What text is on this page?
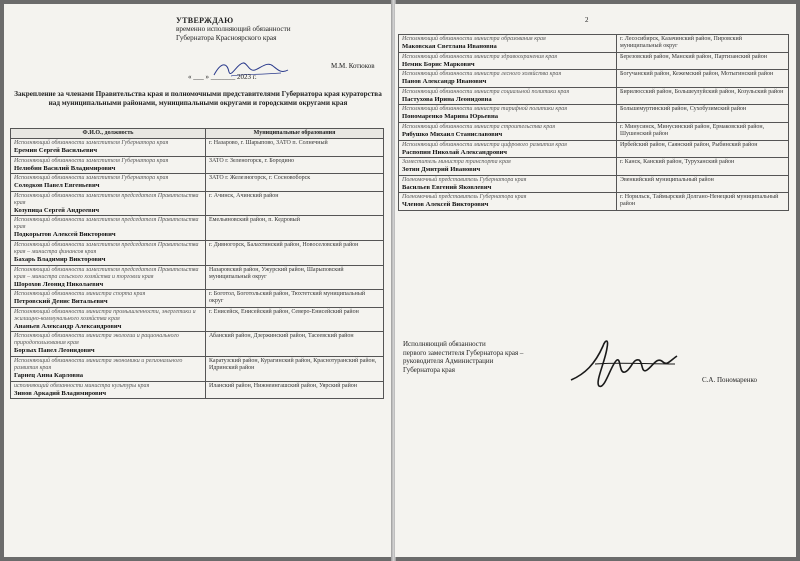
УТВЕРЖДАЮ
временно исполняющий обязанности
Губернатора Красноярского края
« ___ » _______ 2023 г.
М.М. Котюков
Закрепление за членами Правительства края и полномочными представителями Губернатора края кураторства над муниципальными районами, муниципальными округами и городскими округами края
Ф.И.О., должность	Муниципальные образования

Исполняющий обязанности заместителя Губернатора края
Еремин Сергей Васильевич	г. Назарово, г. Шарыпово, ЗАТО п. Солнечный

Исполняющий обязанности заместителя Губернатора края
Нелюбин Василий Владимирович	ЗАТО г. Зеленогорск, г. Бородино

Исполняющий обязанности заместителя Губернатора края
Солодков Павел Евгеньевич	ЗАТО г. Железногорск, г. Сосновоборск

Исполняющий обязанности заместителя председателя Правительства края
Козупица Сергей Андреевич	г. Ачинск, Ачинский район

Исполняющий обязанности заместителя председателя Правительства края
Подкорытов Алексей Викторович	Емельяновский район, п. Кедровый

Исполняющий обязанности заместителя председателя Правительства края – министра финансов края
Бахарь Владимир Викторович	г. Дивногорск, Балахтинский район, Новоселовский район

Исполняющий обязанности заместителя председателя Правительства края – министра сельского хозяйства и торговли края
Шорохов Леонид Николаевич	Назаровский район, Ужурский район, Шарыповский муниципальный округ

Исполняющий обязанности министра спорта края
Петровский Денис Витальевич	г. Боготол, Боготольский район, Тюхтетский муниципальный округ

Исполняющий обязанности министра промышленности, энергетики и жилищно-коммунального хозяйства края
Ананьев Александр Александрович	г. Енисейск, Енисейский район, Северо-Енисейский район

Исполняющий обязанности министра экологии и рационального природопользования края
Борзых Павел Леонидович	Абанский район, Дзержинский район, Тасеевский район

Исполняющий обязанности министра экономики и регионального развития края
Гарнец Анна Карловна	Каратузский район, Курагинский район, Краснотуранский район, Идринский район

исполняющий обязанности министра культуры края
Зинов Аркадий Владимирович	Иланский район, Нижнеингашский район, Уярский район
2
Исполняющий обязанности министра образования края
Маковская Светлана Ивановна	г. Лесосибирск, Казачинский район, Пировский муниципальный округ

Исполняющий обязанности министра здравоохранения края
Немик Борис Маркович	Березовский район, Манский район, Партизанский район

Исполняющий обязанности министра лесного хозяйства края
Панов Александр Иванович	Богучанский район, Кежемский район, Мотыгинский район

Исполняющий обязанности министра социальной политики края
Пастухова Ирина Леонидовна	Бирилюсский район, Большеулуйский район, Козульский район

Исполняющий обязанности министра тарифной политики края
Пономаренко Марина Юрьевна	Большемуртинский район, Сухобузимский район

Исполняющий обязанности министра строительства края
Рябушко Михаил Станиславович	г. Минусинск, Минусинский район, Ермаковский район, Шушенский район

Исполняющий обязанности министра цифрового развития края
Распопин Николай Александрович	Ирбейский район, Саянский район, Рыбинский район

Заместитель министра транспорта края
Зотин Дмитрий Иванович	г. Канск, Канский район, Туруханский район

Полномочный представитель Губернатора края
Васильев Евгений Яковлевич	Эвенкийский муниципальный район

Полномочный представитель Губернатора края
Членов Алексей Викторович	г. Норильск, Таймырский Долгано-Ненецкий муниципальный район
Исполняющий обязанности
первого заместителя Губернатора края –
руководителя Администрации
Губернатора края
С.А. Пономаренко
